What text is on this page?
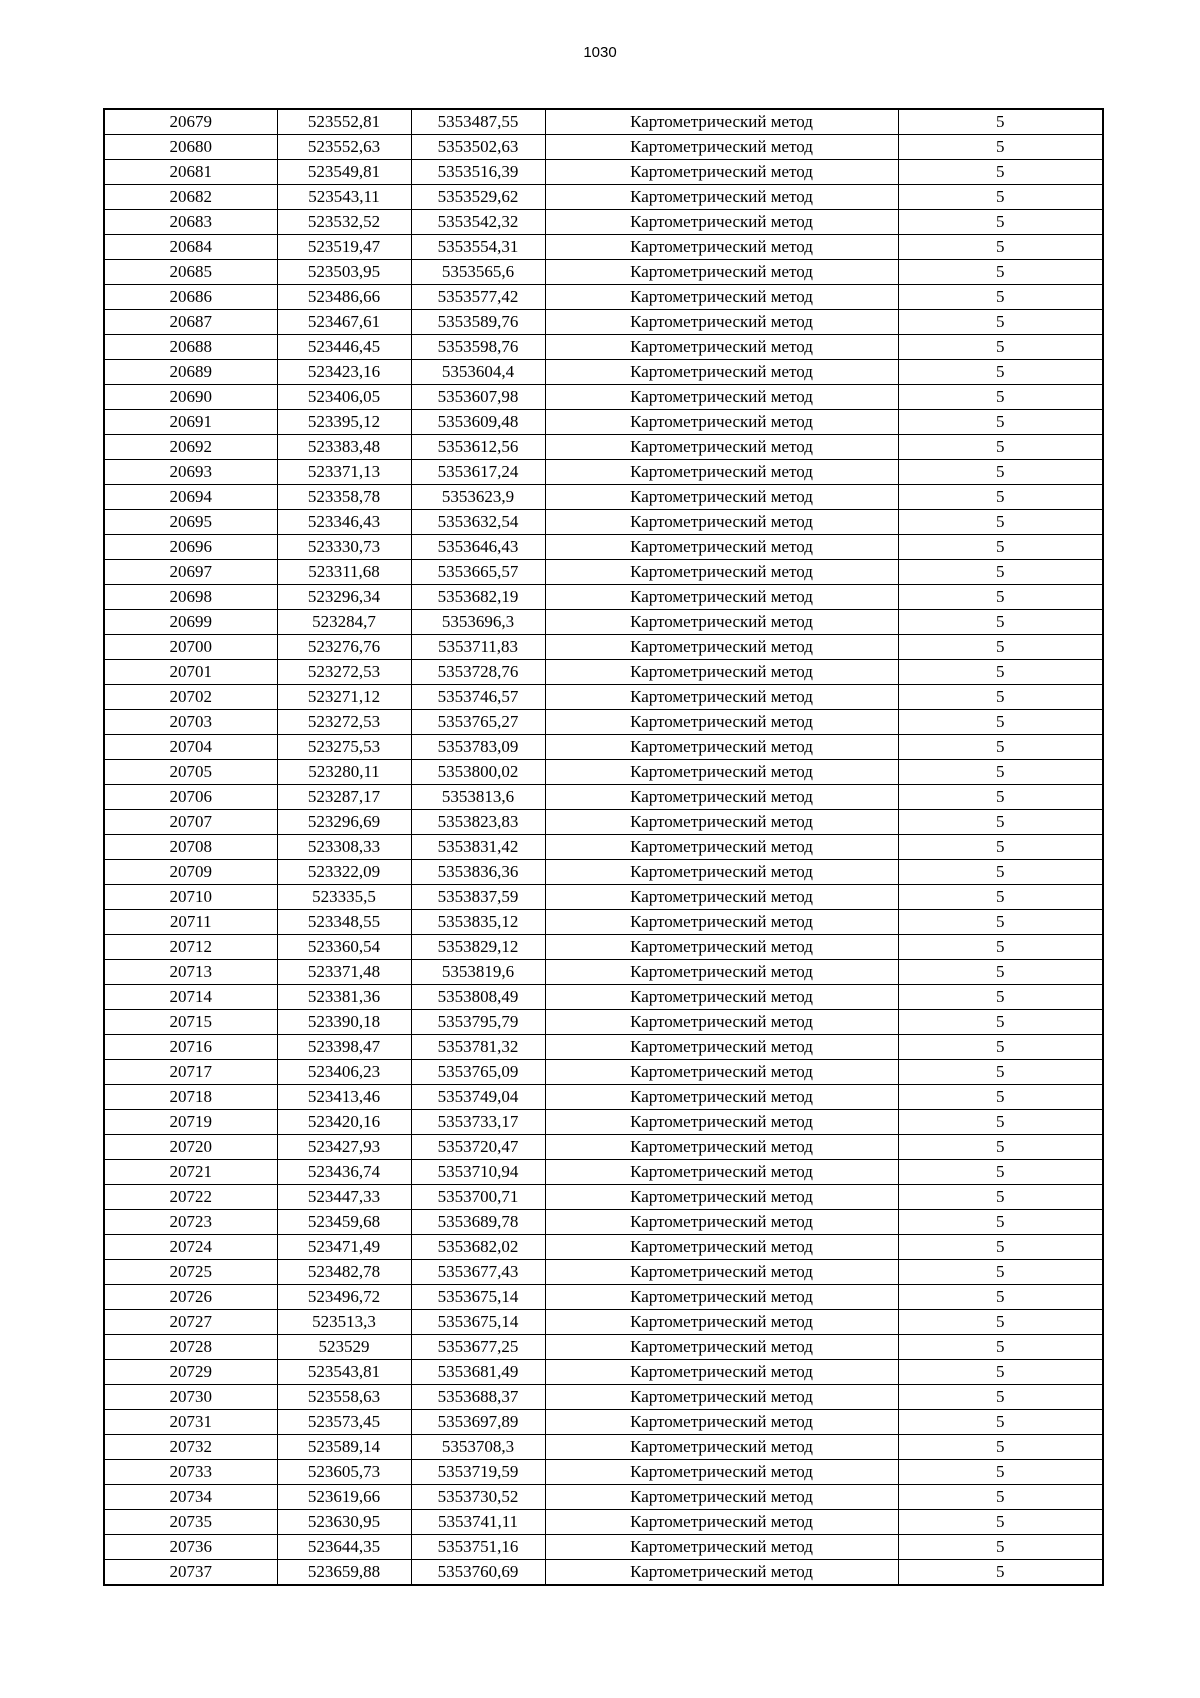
1030
20679	523552,81	5353487,55	Картометрический метод	5
20680	523552,63	5353502,63	Картометрический метод	5
20681	523549,81	5353516,39	Картометрический метод	5
20682	523543,11	5353529,62	Картометрический метод	5
20683	523532,52	5353542,32	Картометрический метод	5
20684	523519,47	5353554,31	Картометрический метод	5
20685	523503,95	5353565,6	Картометрический метод	5
20686	523486,66	5353577,42	Картометрический метод	5
20687	523467,61	5353589,76	Картометрический метод	5
20688	523446,45	5353598,76	Картометрический метод	5
20689	523423,16	5353604,4	Картометрический метод	5
20690	523406,05	5353607,98	Картометрический метод	5
20691	523395,12	5353609,48	Картометрический метод	5
20692	523383,48	5353612,56	Картометрический метод	5
20693	523371,13	5353617,24	Картометрический метод	5
20694	523358,78	5353623,9	Картометрический метод	5
20695	523346,43	5353632,54	Картометрический метод	5
20696	523330,73	5353646,43	Картометрический метод	5
20697	523311,68	5353665,57	Картометрический метод	5
20698	523296,34	5353682,19	Картометрический метод	5
20699	523284,7	5353696,3	Картометрический метод	5
20700	523276,76	5353711,83	Картометрический метод	5
20701	523272,53	5353728,76	Картометрический метод	5
20702	523271,12	5353746,57	Картометрический метод	5
20703	523272,53	5353765,27	Картометрический метод	5
20704	523275,53	5353783,09	Картометрический метод	5
20705	523280,11	5353800,02	Картометрический метод	5
20706	523287,17	5353813,6	Картометрический метод	5
20707	523296,69	5353823,83	Картометрический метод	5
20708	523308,33	5353831,42	Картометрический метод	5
20709	523322,09	5353836,36	Картометрический метод	5
20710	523335,5	5353837,59	Картометрический метод	5
20711	523348,55	5353835,12	Картометрический метод	5
20712	523360,54	5353829,12	Картометрический метод	5
20713	523371,48	5353819,6	Картометрический метод	5
20714	523381,36	5353808,49	Картометрический метод	5
20715	523390,18	5353795,79	Картометрический метод	5
20716	523398,47	5353781,32	Картометрический метод	5
20717	523406,23	5353765,09	Картометрический метод	5
20718	523413,46	5353749,04	Картометрический метод	5
20719	523420,16	5353733,17	Картометрический метод	5
20720	523427,93	5353720,47	Картометрический метод	5
20721	523436,74	5353710,94	Картометрический метод	5
20722	523447,33	5353700,71	Картометрический метод	5
20723	523459,68	5353689,78	Картометрический метод	5
20724	523471,49	5353682,02	Картометрический метод	5
20725	523482,78	5353677,43	Картометрический метод	5
20726	523496,72	5353675,14	Картометрический метод	5
20727	523513,3	5353675,14	Картометрический метод	5
20728	523529	5353677,25	Картометрический метод	5
20729	523543,81	5353681,49	Картометрический метод	5
20730	523558,63	5353688,37	Картометрический метод	5
20731	523573,45	5353697,89	Картометрический метод	5
20732	523589,14	5353708,3	Картометрический метод	5
20733	523605,73	5353719,59	Картометрический метод	5
20734	523619,66	5353730,52	Картометрический метод	5
20735	523630,95	5353741,11	Картометрический метод	5
20736	523644,35	5353751,16	Картометрический метод	5
20737	523659,88	5353760,69	Картометрический метод	5
